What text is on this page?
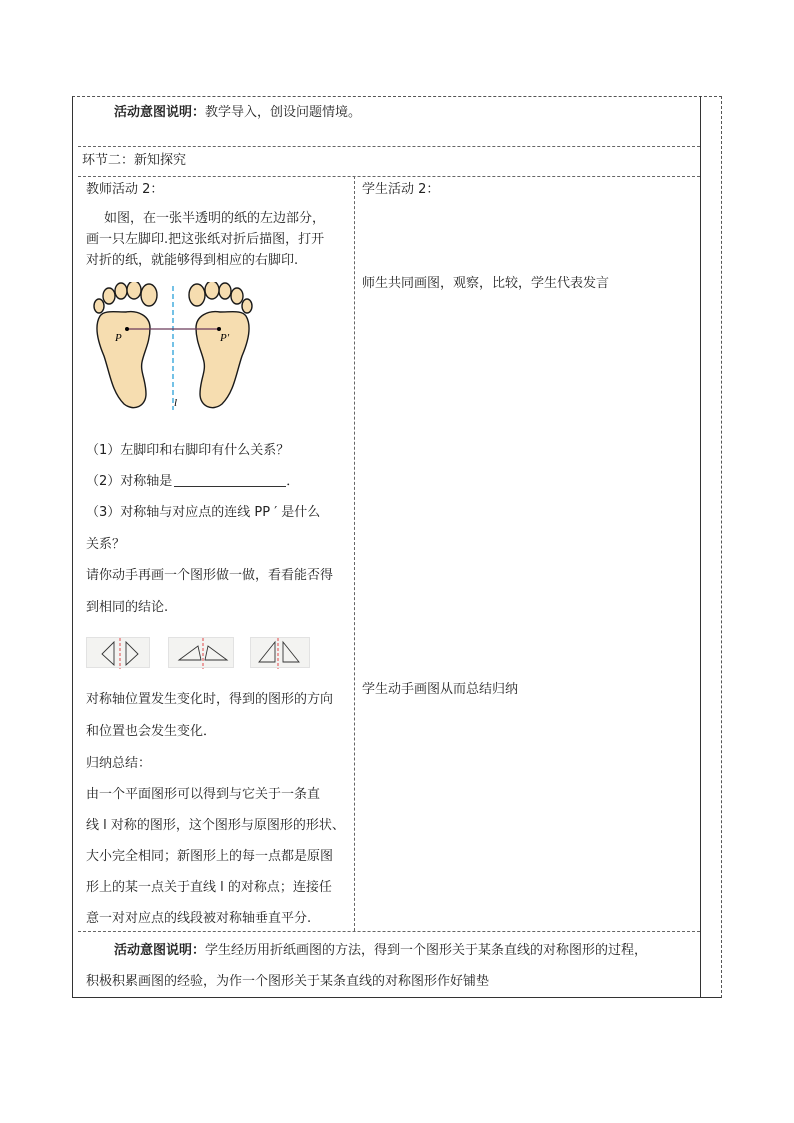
活动意图说明：教学导入，创设问题情境。
环节二：新知探究
教师活动 2：
如图，在一张半透明的纸的左边部分，
画一只左脚印.把这张纸对折后描图，打开
对折的纸，就能够得到相应的右脚印.
P	P′
l
（1）左脚印和右脚印有什么关系？
（2）对称轴是	．
（3）对称轴与对应点的连线 PP ′ 是什么
关系？
请你动手再画一个图形做一做，看看能否得
到相同的结论.
对称轴位置发生变化时，得到的图形的方向
和位置也会发生变化．
归纳总结：
由一个平面图形可以得到与它关于一条直
线 l 对称的图形，这个图形与原图形的形状、
大小完全相同；新图形上的每一点都是原图
形上的某一点关于直线 l 的对称点；连接任
意一对对应点的线段被对称轴垂直平分.
学生活动 2：
师生共同画图，观察，比较，学生代表发言
学生动手画图从而总结归纳
活动意图说明：学生经历用折纸画图的方法，得到一个图形关于某条直线的对称图形的过程，
积极积累画图的经验，为作一个图形关于某条直线的对称图形作好铺垫
